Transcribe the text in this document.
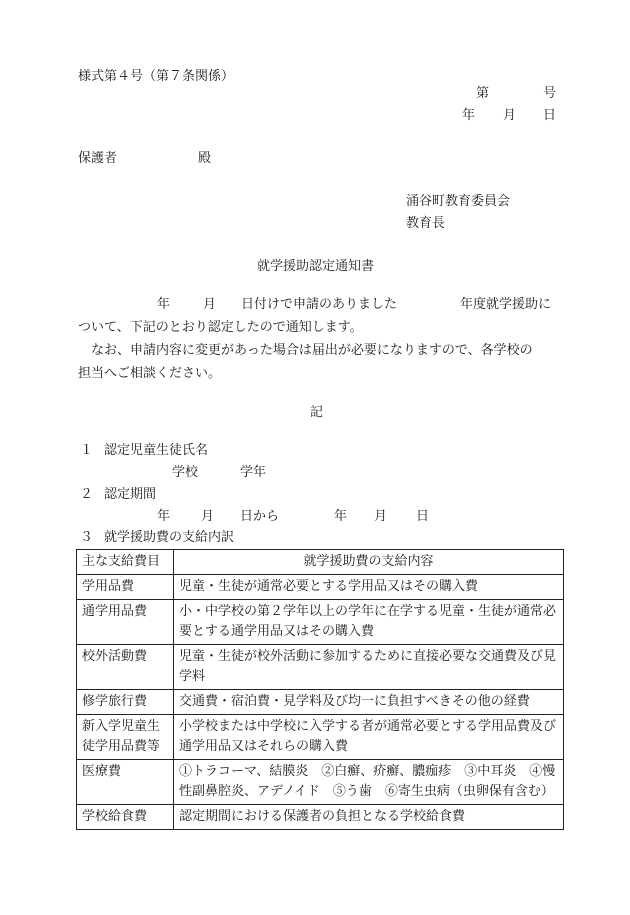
様式第４号（第７条関係）
第	号
年 月 日
保護者	殿
涌谷町教育委員会
教育長
就学援助認定通知書
年	月 日付けで申請のありました	年度就学援助に
ついて、下記のとおり認定したので通知します。
　なお、申請内容に変更があった場合は届出が必要になりますので、各学校の
担当へご相談ください。
記
１ 認定児童生徒氏名
学校	学年
２ 認定期間
年 月 日から	年 月 日
３ 就学援助費の支給内訳
主な支給費目	就学援助費の支給内容
学用品費	児童・生徒が通常必要とする学用品又はその購入費
通学用品費	小・中学校の第２学年以上の学年に在学する児童・生徒が通常必要とする通学用品又はその購入費
校外活動費	児童・生徒が校外活動に参加するために直接必要な交通費及び見学料
修学旅行費	交通費・宿泊費・見学料及び均一に負担すべきその他の経費
新入学児童生徒学用品費等	小学校または中学校に入学する者が通常必要とする学用品費及び通学用品又はそれらの購入費
医療費	①トラコーマ、結膜炎　②白癬、疥癬、膿痂疹　③中耳炎　④慢性副鼻腔炎、アデノイド　⑤う歯　⑥寄生虫病（虫卵保有含む）
学校給食費	認定期間における保護者の負担となる学校給食費
